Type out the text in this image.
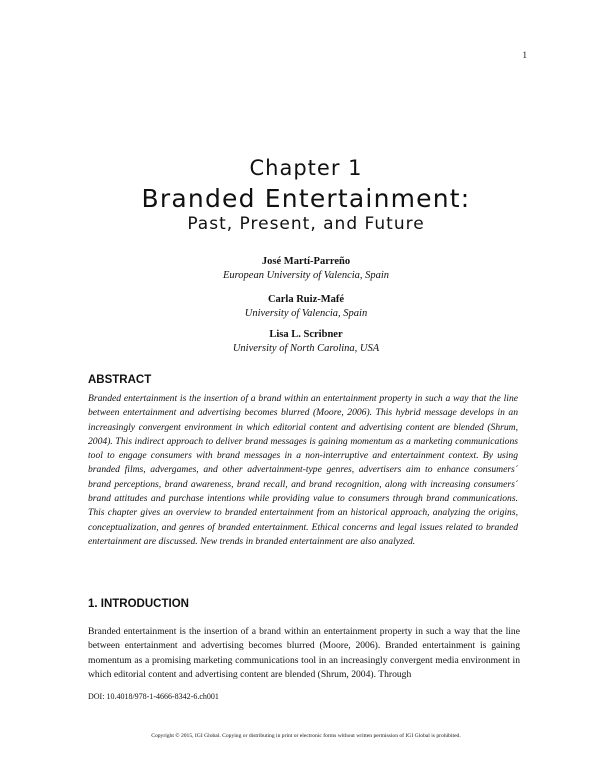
1
Chapter 1
Branded Entertainment:
Past, Present, and Future
José Martí-Parreño
European University of Valencia, Spain
Carla Ruiz-Mafé
University of Valencia, Spain
Lisa L. Scribner
University of North Carolina, USA
ABSTRACT
Branded entertainment is the insertion of a brand within an entertainment property in such a way that the line between entertainment and advertising becomes blurred (Moore, 2006). This hybrid message develops in an increasingly convergent environment in which editorial content and advertising content are blended (Shrum, 2004). This indirect approach to deliver brand messages is gaining momentum as a marketing communications tool to engage consumers with brand messages in a non-interruptive and entertainment context. By using branded films, advergames, and other advertainment-type genres, advertisers aim to enhance consumers´ brand perceptions, brand awareness, brand recall, and brand recognition, along with increasing consumers´ brand attitudes and purchase intentions while providing value to consumers through brand communications. This chapter gives an overview to branded entertainment from an historical approach, analyzing the origins, conceptualization, and genres of branded entertainment. Ethical concerns and legal issues related to branded entertainment are discussed. New trends in branded entertainment are also analyzed.
1. INTRODUCTION
Branded entertainment is the insertion of a brand within an entertainment property in such a way that the line between entertainment and advertising becomes blurred (Moore, 2006). Branded entertainment is gaining momentum as a promising marketing communications tool in an increasingly convergent media environment in which editorial content and advertising content are blended (Shrum, 2004). Through
DOI: 10.4018/978-1-4666-8342-6.ch001
Copyright © 2015, IGI Global. Copying or distributing in print or electronic forms without written permission of IGI Global is prohibited.
